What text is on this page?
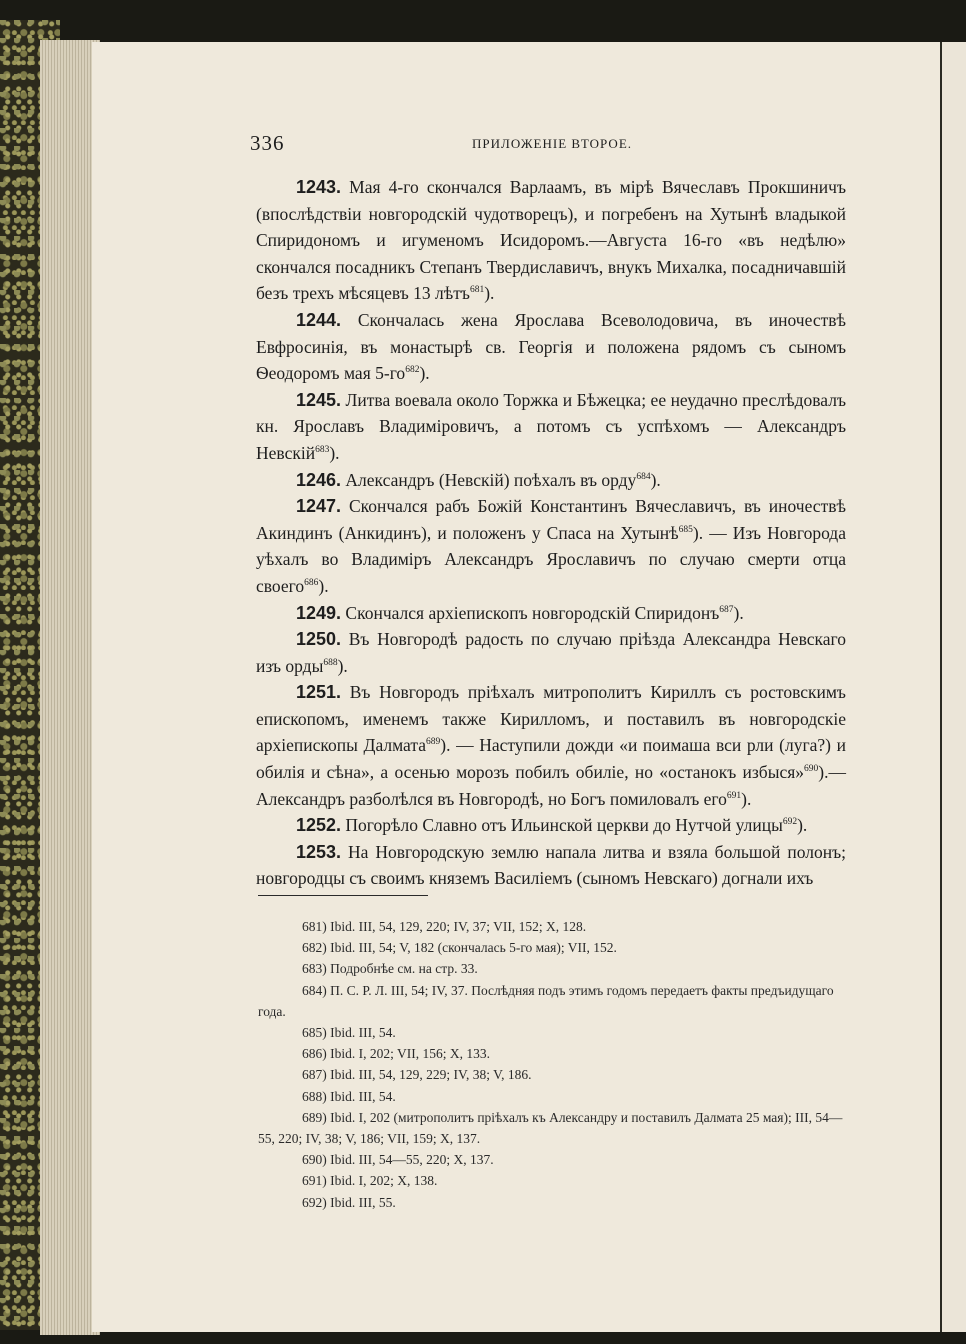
336	ПРИЛОЖЕНІЕ ВТОРОЕ.

1243. Мая 4-го скончался Варлаамъ, въ мірѣ Вячеславъ Прокшиничъ (впослѣдствіи новгородскій чудотворецъ), и погребенъ на Хутынѣ владыкой Спиридономъ и игуменомъ Исидоромъ.—Августа 16-го «въ недѣлю» скончался посадникъ Степанъ Твердиславичъ, внукъ Михалка, посадничавшій безъ трехъ мѣсяцевъ 13 лѣтъ$^{681}$).

1244. Скончалась жена Ярослава Всеволодовича, въ иночествѣ Евфросинія, въ монастырѣ св. Георгія и положена рядомъ съ сыномъ Ѳеодоромъ мая $5-го^{682}$).

1245. Литва воевала около Торжка и Бѣжецка; ее неудачно преслѣдовалъ кн. Ярославъ Владиміровичъ, а потомъ съ успѣхомъ — Александръ Невскій$^{683}$).

1246. Александръ (Невскій) поѣхалъ въ орду$^{684}$).

1247. Скончался рабъ Божій Константинъ Вячеславичъ, въ иночествѣ Акиндинъ (Анкидинъ), и положенъ у Спаса на Хутынѣ$^{685}$). — Изъ Новгорода уѣхалъ во Владиміръ Александръ Ярославичъ по случаю смерти отца своего$^{686}$).

1249. Скончался архіепископъ новгородскій Спиридонъ$^{687}$).

1250. Въ Новгородѣ радость по случаю пріѣзда Александра Невскаго изъ орды$^{688}$).

1251. Въ Новгородъ пріѣхалъ митрополитъ Кириллъ съ ростовскимъ епископомъ, именемъ также Кирилломъ, и поставилъ въ новгородскіе архіепископы Далмата$^{689}$). — Наступили дожди «и поимаша вси рли (луга?) и обилія и сѣна», а осенью морозъ побилъ обиліе, но «останокъ избыся»$^{690}$).— Александръ разболѣлся въ Новгородѣ, но Богъ помиловалъ его$^{691}$).

1252. Погорѣло Славно отъ Ильинской церкви до Нутчой улицы$^{692}$).

1253. На Новгородскую землю напала литва и взяла большой полонъ; новгородцы съ своимъ княземъ Василіемъ (сыномъ Невскаго) догнали ихъ

681) Ibid. III, 54, 129, 220; IV, 37; VII, 152; X, 128.

682) Ibid. III, 54; V, 182 (скончалась 5-го мая); VII, 152.

683) Подробнѣе см. на стр. 33.

684) П. С. Р. Л. III, 54; IV, 37. Послѣдняя подъ этимъ годомъ передаетъ факты предъидущаго года.

685) Ibid. III, 54.

686) Ibid. I, 202; VII, 156; X, 133.

687) Ibid. III, 54, 129, 229; IV, 38; V, 186.

688) Ibid. III, 54.

689) Ibid. I, 202 (митрополитъ пріѣхалъ къ Александру и поставилъ Далмата 25 мая); III, 54—55, 220; IV, 38; V, 186; VII, 159; X, 137.

690) Ibid. III, 54—55, 220; X, 137.

691) Ibid. I, 202; X, 138.

692) Ibid. III, 55.
